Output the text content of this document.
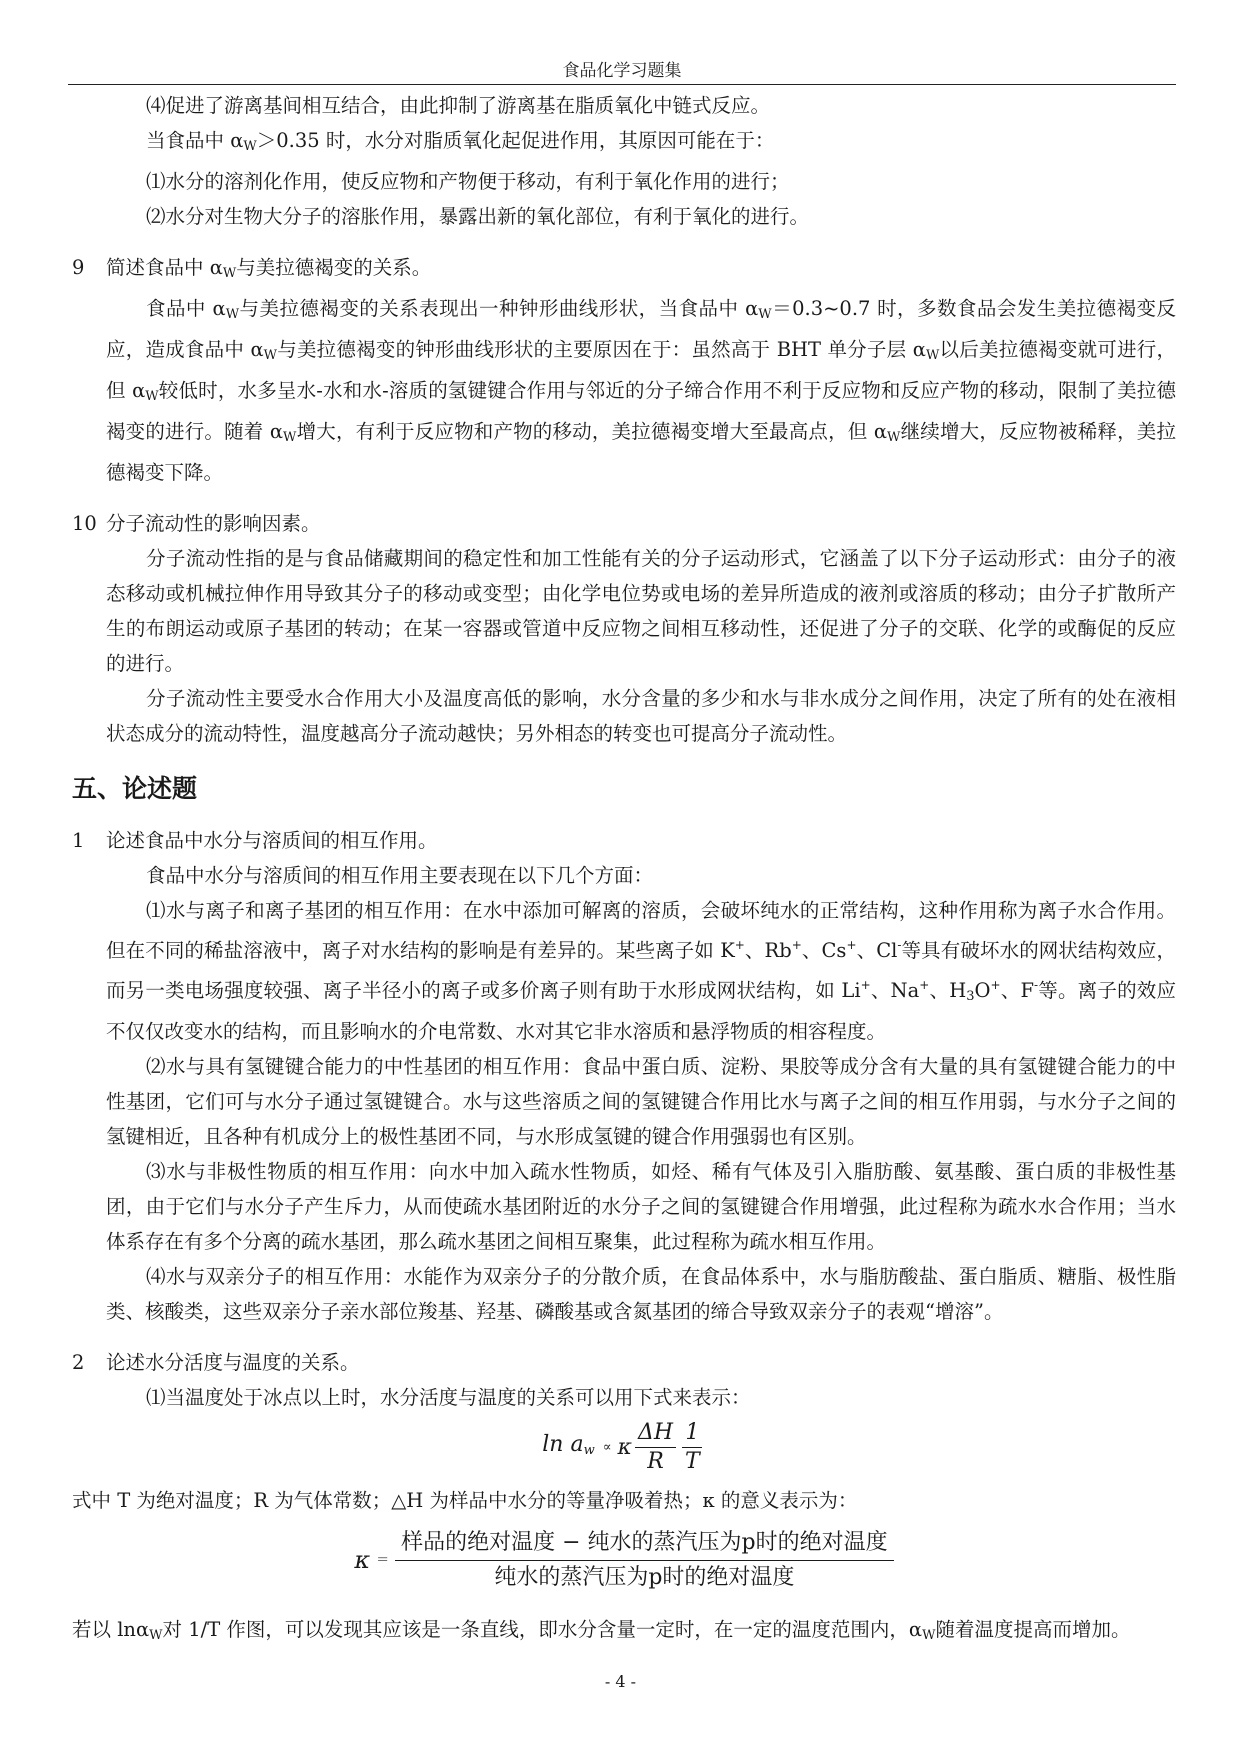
食品化学习题集

⑷促进了游离基间相互结合，由此抑制了游离基在脂质氧化中链式反应。

当食品中 $\alpha_W>0.35$ 时，水分对脂质氧化起促进作用，其原因可能在于：

⑴水分的溶剂化作用，使反应物和产物便于移动，有利于氧化作用的进行；

⑵水分对生物大分子的溶胀作用，暴露出新的氧化部位，有利于氧化的进行。

9	简述食品中 $\alpha_W$与美拉德褐变的关系。

食品中 $\alpha_W$与美拉德褐变的关系表现出一种钟形曲线形状，当食品中 $\alpha_W=0.3\sim 0.7$ 时，多数食品会发生美拉德褐变反应，造成食品中 $\alpha_W$与美拉德褐变的钟形曲线形状的主要原因在于：虽然高于 BHT 单分子层 $\alpha_W$以后美拉德褐变就可进行，但 $\alpha_W$较低时，水多呈水-水和水-溶质的氢键键合作用与邻近的分子缔合作用不利于反应物和反应产物的移动，限制了美拉德褐变的进行。随着 $\alpha_W$增大，有利于反应物和产物的移动，美拉德褐变增大至最高点，但 $\alpha_W$继续增大，反应物被稀释，美拉德褐变下降。

10 分子流动性的影响因素。

分子流动性指的是与食品储藏期间的稳定性和加工性能有关的分子运动形式，它涵盖了以下分子运动形式：由分子的液态移动或机械拉伸作用导致其分子的移动或变型；由化学电位势或电场的差异所造成的液剂或溶质的移动；由分子扩散所产生的布朗运动或原子基团的转动；在某一容器或管道中反应物之间相互移动性，还促进了分子的交联、化学的或酶促的反应的进行。

分子流动性主要受水合作用大小及温度高低的影响，水分含量的多少和水与非水成分之间作用，决定了所有的处在液相状态成分的流动特性，温度越高分子流动越快；另外相态的转变也可提高分子流动性。

五、论述题
1	论述食品中水分与溶质间的相互作用。

食品中水分与溶质间的相互作用主要表现在以下几个方面：

⑴水与离子和离子基团的相互作用：在水中添加可解离的溶质，会破坏纯水的正常结构，这种作用称为离子水合作用。但在不同的稀盐溶液中，离子对水结构的影响是有差异的。某些离子如 K+、Rb+、Cs+、Cl-等具有破坏水的网状结构效应，而另一类电场强度较强、离子半径小的离子或多价离子则有助于水形成网状结构，如 Li+、Na+、$H_3O^+$、F-等。离子的效应不仅仅改变水的结构，而且影响水的介电常数、水对其它非水溶质和悬浮物质的相容程度。

⑵水与具有氢键键合能力的中性基团的相互作用：食品中蛋白质、淀粉、果胶等成分含有大量的具有氢键键合能力的中性基团，它们可与水分子通过氢键键合。水与这些溶质之间的氢键键合作用比水与离子之间的相互作用弱，与水分子之间的氢键相近，且各种有机成分上的极性基团不同，与水形成氢键的键合作用强弱也有区别。

⑶水与非极性物质的相互作用：向水中加入疏水性物质，如烃、稀有气体及引入脂肪酸、氨基酸、蛋白质的非极性基团，由于它们与水分子产生斥力，从而使疏水基团附近的水分子之间的氢键键合作用增强，此过程称为疏水水合作用；当水体系存在有多个分离的疏水基团，那么疏水基团之间相互聚集，此过程称为疏水相互作用。

⑷水与双亲分子的相互作用：水能作为双亲分子的分散介质，在食品体系中，水与脂肪酸盐、蛋白脂质、糖脂、极性脂类、核酸类，这些双亲分子亲水部位羧基、羟基、磷酸基或含氮基团的缔合导致双亲分子的表观“增溶”。

2	论述水分活度与温度的关系。

⑴当温度处于冰点以上时，水分活度与温度的关系可以用下式来表示：

$\ln a_w \propto \kappa \frac{\Delta H}{R} \frac{1}{T}$

式中 T 为绝对温度；R 为气体常数；△H 为样品中水分的等量净吸着热；κ 的意义表示为：

$\kappa = \frac{\text{样品的绝对温度 − 纯水的蒸汽压为p时的绝对温度}}{\text{纯水的蒸汽压为p时的绝对温度}}$

若以 lnα$_W$对 1/T 作图，可以发现其应该是一条直线，即水分含量一定时，在一定的温度范围内，$\alpha_W$随着温度提高而增加。

- 4 -
